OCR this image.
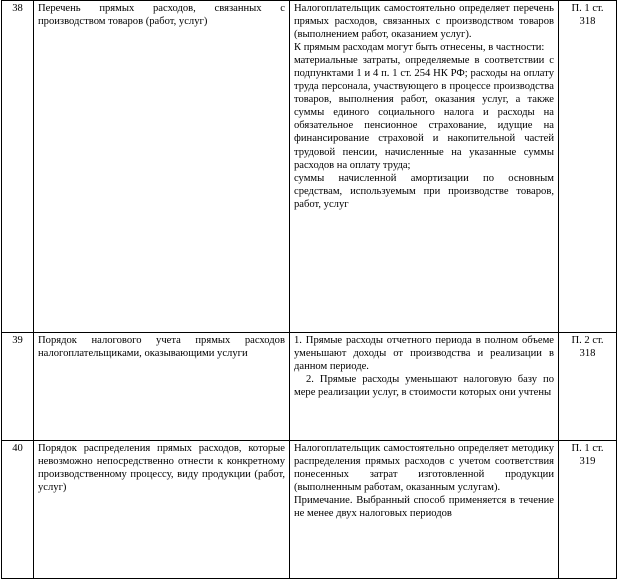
38	Перечень прямых расходов, связанных с производством товаров (работ, услуг)	Налогоплательщик самостоятельно определяет перечень прямых расходов, связанных с производством товаров (выполнением работ, оказанием услуг).
К прямым расходам могут быть отнесены, в частности:
материальные затраты, определяемые в соответствии с подпунктами 1 и 4 п. 1 ст. 254 НК РФ; расходы на оплату труда персонала, участвующего в процессе производства товаров, выполнения работ, оказания услуг, а также суммы единого социального налога и расходы на обязательное пенсионное страхование, идущие на финансирование страховой и накопительной частей трудовой пенсии, начисленные на указанные суммы расходов на оплату труда;
суммы начисленной амортизации по основным средствам, используемым при производстве товаров, работ, услуг	П. 1 ст. 318
39	Порядок налогового учета прямых расходов налогоплательщиками, оказывающими услуги	1. Прямые расходы отчетного периода в полном объеме уменьшают доходы от производства и реализации в данном периоде.
2. Прямые расходы уменьшают налоговую базу по мере реализации услуг, в стоимости которых они учтены	П. 2 ст. 318
40	Порядок распределения прямых расходов, которые невозможно непосредственно отнести к конкретному производственному процессу, виду продукции (работ, услуг)	Налогоплательщик самостоятельно определяет методику распределения прямых расходов с учетом соответствия понесенных затрат изготовленной продукции (выполненным работам, оказанным услугам).
Примечание. Выбранный способ применяется в течение не менее двух налоговых периодов	П. 1 ст. 319
